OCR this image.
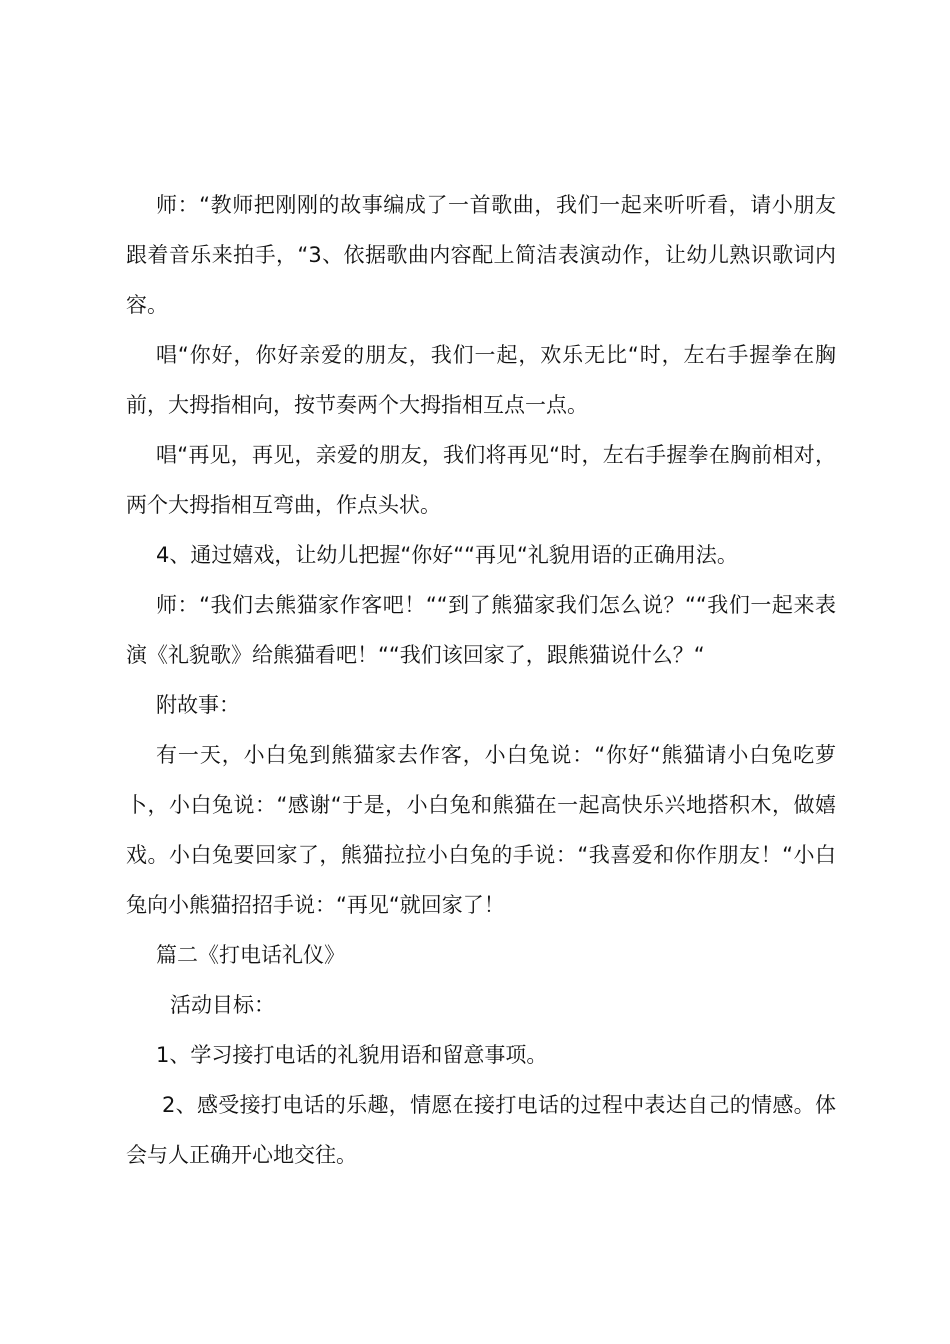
师：“教师把刚刚的故事编成了一首歌曲，我们一起来听听看，请小朋友跟着音乐来拍手，“3、依据歌曲内容配上简洁表演动作，让幼儿熟识歌词内容。

唱“你好，你好亲爱的朋友，我们一起，欢乐无比“时，左右手握拳在胸前，大拇指相向，按节奏两个大拇指相互点一点。

唱“再见，再见，亲爱的朋友，我们将再见“时，左右手握拳在胸前相对，两个大拇指相互弯曲，作点头状。

4、通过嬉戏，让幼儿把握“你好““再见“礼貌用语的正确用法。

师：“我们去熊猫家作客吧！““到了熊猫家我们怎么说？““我们一起来表演《礼貌歌》给熊猫看吧！““我们该回家了，跟熊猫说什么？“

附故事：

有一天，小白兔到熊猫家去作客，小白兔说：“你好“熊猫请小白兔吃萝卜，小白兔说：“感谢“于是，小白兔和熊猫在一起高快乐兴地搭积木，做嬉戏。小白兔要回家了，熊猫拉拉小白兔的手说：“我喜爱和你作朋友！“小白兔向小熊猫招招手说：“再见“就回家了！

篇二《打电话礼仪》

活动目标：

1、学习接打电话的礼貌用语和留意事项。

2、感受接打电话的乐趣，情愿在接打电话的过程中表达自己的情感。体会与人正确开心地交往。
